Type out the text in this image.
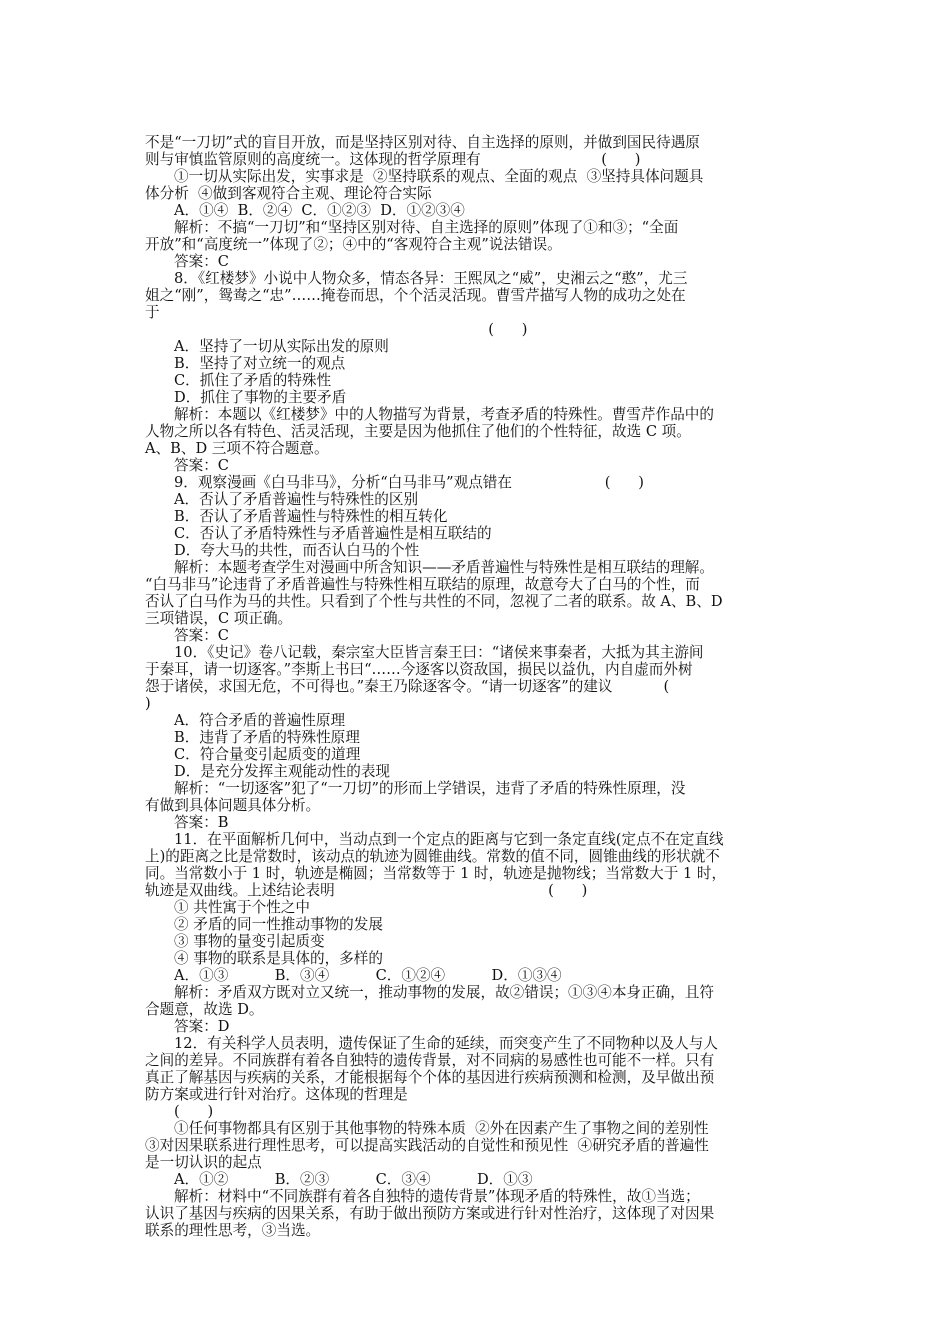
不是“一刀切”式的盲目开放，而是坚持区别对待、自主选择的原则，并做到国民待遇原
则与审慎监管原则的高度统一。这体现的哲学原理有                          (      )
①一切从实际出发，实事求是  ②坚持联系的观点、全面的观点  ③坚持具体问题具
体分析  ④做到客观符合主观、理论符合实际
A．①④  B．②④  C．①②③  D．①②③④
解析：不搞“一刀切”和“坚持区别对待、自主选择的原则”体现了①和③；“全面
开放”和“高度统一”体现了②；④中的“客观符合主观”说法错误。
答案：C
8．《红楼梦》小说中人物众多，情态各异：王熙凤之“威”，史湘云之“憨”，尤三
姐之“刚”，鸳鸯之“忠”……掩卷而思，个个活灵活现。曹雪芹描写人物的成功之处在
于
(      )
A．坚持了一切从实际出发的原则
B．坚持了对立统一的观点
C．抓住了矛盾的特殊性
D．抓住了事物的主要矛盾
解析：本题以《红楼梦》中的人物描写为背景，考查矛盾的特殊性。曹雪芹作品中的
人物之所以各有特色、活灵活现，主要是因为他抓住了他们的个性特征，故选 C 项。
A、B、D 三项不符合题意。
答案：C
9．观察漫画《白马非马》，分析“白马非马”观点错在                    (      )
A．否认了矛盾普遍性与特殊性的区别
B．否认了矛盾普遍性与特殊性的相互转化
C．否认了矛盾特殊性与矛盾普遍性是相互联结的
D．夸大马的共性，而否认白马的个性
解析：本题考查学生对漫画中所含知识——矛盾普遍性与特殊性是相互联结的理解。
“白马非马”论违背了矛盾普遍性与特殊性相互联结的原理，故意夸大了白马的个性，而
否认了白马作为马的共性。只看到了个性与共性的不同，忽视了二者的联系。故 A、B、D
三项错误，C 项正确。
答案：C
10．《史记》卷八记载，秦宗室大臣皆言秦王曰：“诸侯来事秦者，大抵为其主游间
于秦耳，请一切逐客。”李斯上书曰“……今逐客以资敌国，损民以益仇，内自虚而外树
怨于诸侯，求国无危，不可得也。”秦王乃除逐客令。“请一切逐客”的建议           (
)
A．符合矛盾的普遍性原理
B．违背了矛盾的特殊性原理
C．符合量变引起质变的道理
D．是充分发挥主观能动性的表现
解析：“一切逐客”犯了“一刀切”的形而上学错误，违背了矛盾的特殊性原理，没
有做到具体问题具体分析。
答案：B
11．在平面解析几何中，当动点到一个定点的距离与它到一条定直线(定点不在定直线
上)的距离之比是常数时，该动点的轨迹为圆锥曲线。常数的值不同，圆锥曲线的形状就不
同。当常数小于 1 时，轨迹是椭圆；当常数等于 1 时，轨迹是抛物线；当常数大于 1 时，
轨迹是双曲线。上述结论表明                                              (      )
① 共性寓于个性之中
② 矛盾的同一性推动事物的发展
③ 事物的量变引起质变
④ 事物的联系是具体的，多样的
A．①③          B．③④          C．①②④          D．①③④
解析：矛盾双方既对立又统一，推动事物的发展，故②错误；①③④本身正确，且符
合题意，故选 D。
答案：D
12．有关科学人员表明，遗传保证了生命的延续，而突变产生了不同物种以及人与人
之间的差异。不同族群有着各自独特的遗传背景，对不同病的易感性也可能不一样。只有
真正了解基因与疾病的关系，才能根据每个个体的基因进行疾病预测和检测，及早做出预
防方案或进行针对治疗。这体现的哲理是
(      )
①任何事物都具有区别于其他事物的特殊本质  ②外在因素产生了事物之间的差别性
③对因果联系进行理性思考，可以提高实践活动的自觉性和预见性  ④研究矛盾的普遍性
是一切认识的起点
A．①②          B．②③          C．③④          D．①③
解析：材料中“不同族群有着各自独特的遗传背景”体现矛盾的特殊性，故①当选；
认识了基因与疾病的因果关系，有助于做出预防方案或进行针对性治疗，这体现了对因果
联系的理性思考，③当选。
